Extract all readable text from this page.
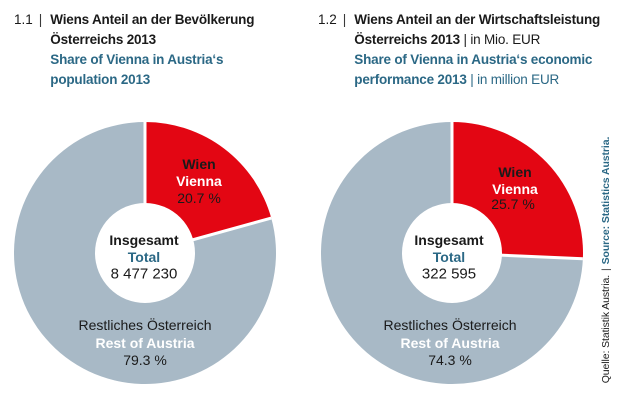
1.1 | Wiens Anteil an der Bevölkerung
Österreichs 2013
Share of Vienna in Austria‘s
population 2013
Wien
Vienna
20.7 %
Insgesamt
Total
8 477 230
Restliches Österreich
Rest of Austria
79.3 %
1.2 | Wiens Anteil an der Wirtschaftsleistung
Österreichs 2013 | in Mio. EUR
Share of Vienna in Austria‘s economic
performance 2013 | in million EUR
Wien
Vienna
25.7 %
Insgesamt
Total
322 595
Restliches Österreich
Rest of Austria
74.3 %	Quelle: Statistik Austria.|Source: Statistics Austria.
